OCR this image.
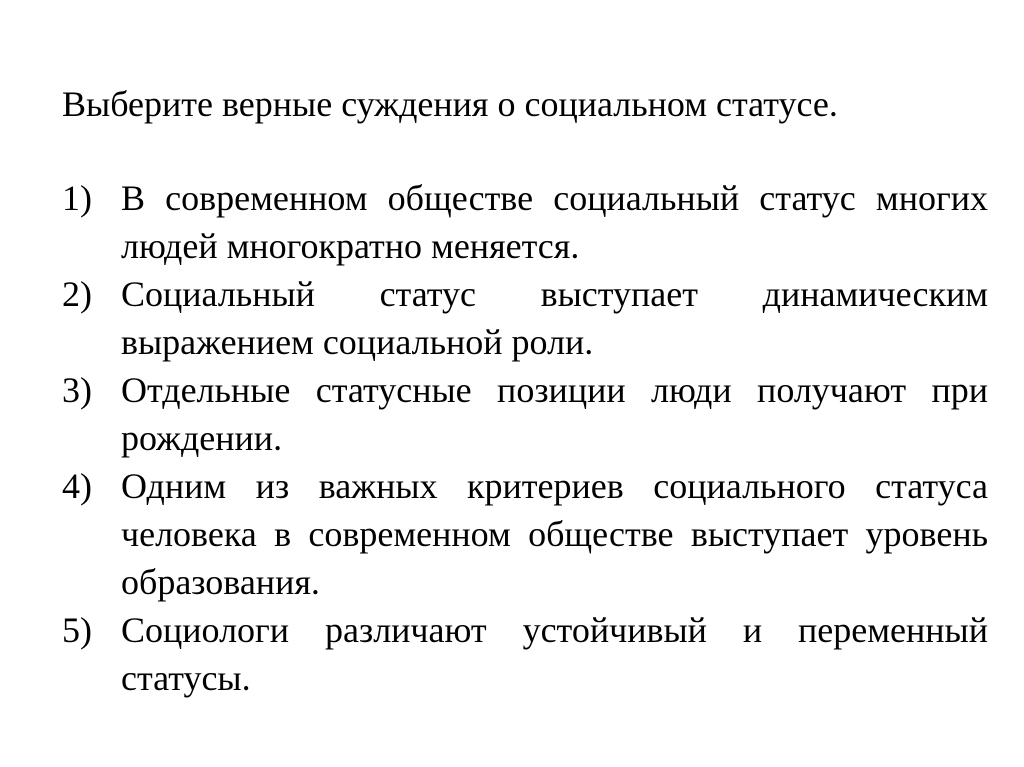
Выберите верные суждения о социальном статусе.
1) В современном обществе социальный статус многих людей многократно меняется.
2) Социальный статус выступает динамическим выражением социальной роли.
3) Отдельные статусные позиции люди получают при рождении.
4) Одним из важных критериев социального статуса человека в современном обществе выступает уровень образования.
5) Социологи различают устойчивый и переменный статусы.
